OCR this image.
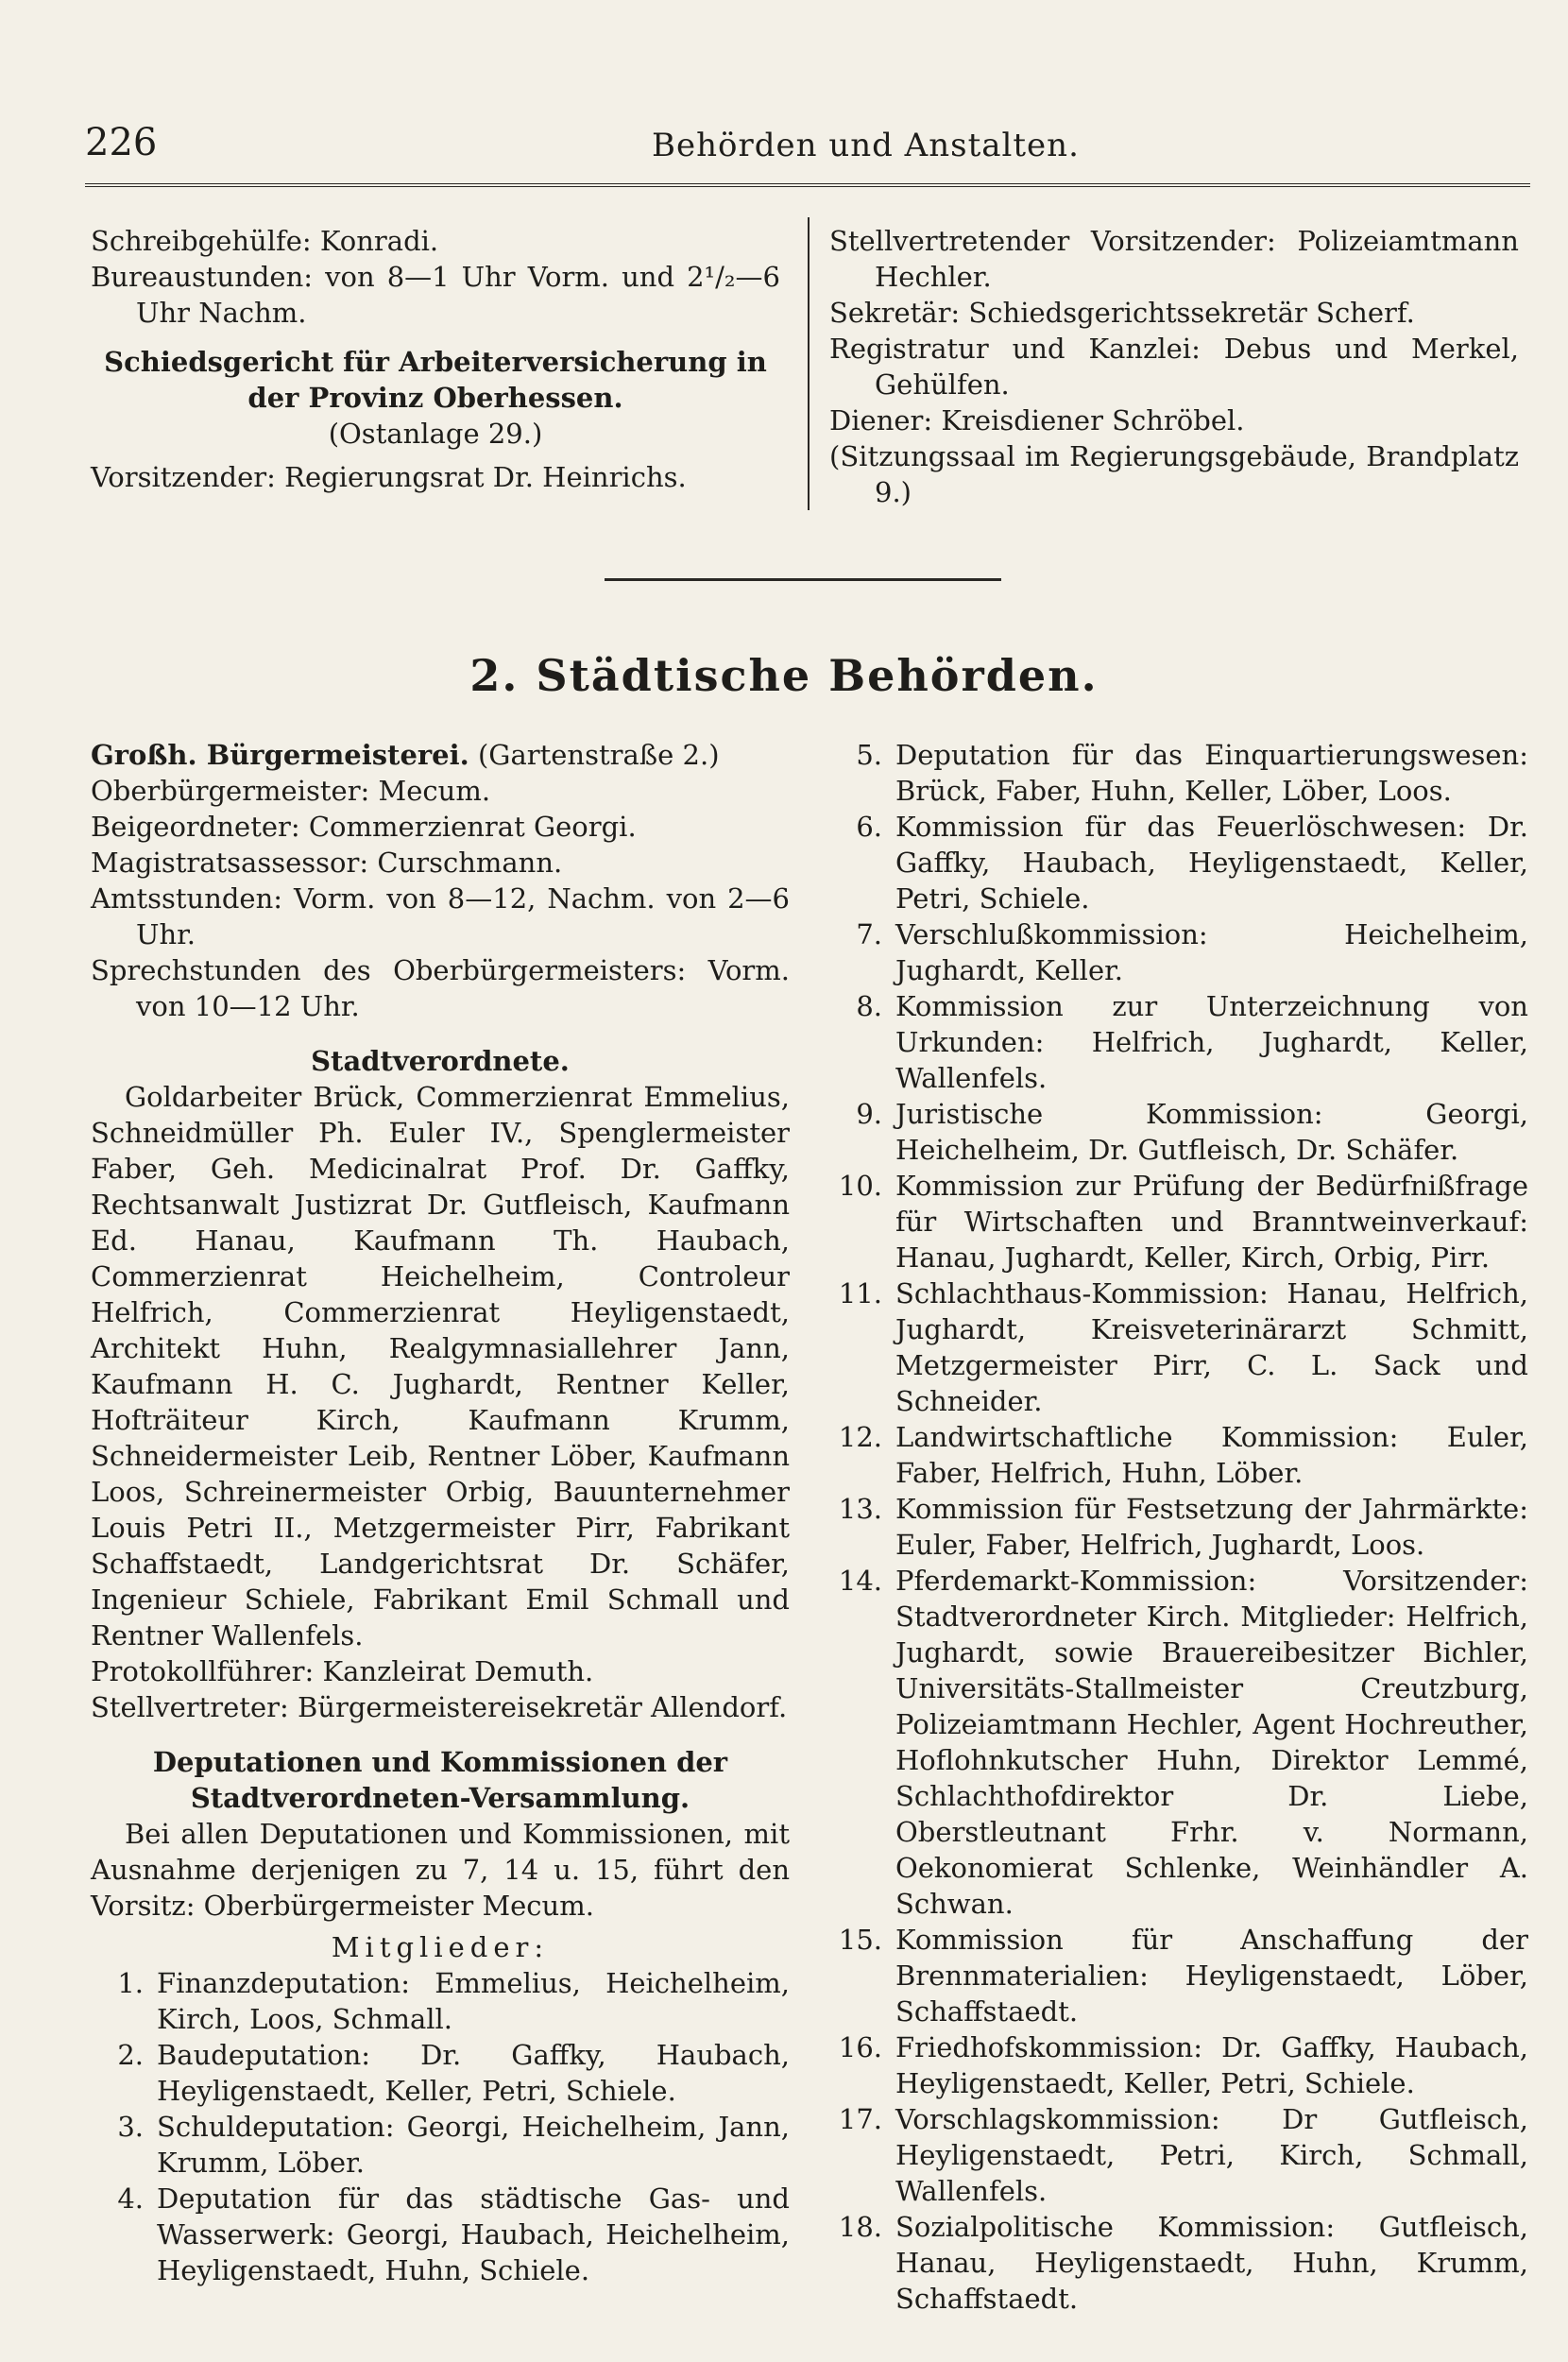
226	Behörden und Anstalten.

Schreibgehülfe: Konradi.

Bureaustunden: von 8—1 Uhr Vorm. und 2¹/₂—6 Uhr Nachm.

Schiedsgericht für Arbeiterversicherung in der Provinz Oberhessen.

(Ostanlage 29.)

Vorsitzender: Regierungsrat Dr. Heinrichs.

Stellvertretender Vorsitzender: Polizeiamtmann Hechler.

Sekretär: Schiedsgerichtssekretär Scherf.

Registratur und Kanzlei: Debus und Merkel, Gehülfen.

Diener: Kreisdiener Schröbel.

(Sitzungssaal im Regierungsgebäude, Brandplatz 9.)

2. Städtische Behörden.

Großh. Bürgermeisterei. (Gartenstraße 2.)

Oberbürgermeister: Mecum.

Beigeordneter: Commerzienrat Georgi.

Magistratsassessor: Curschmann.

Amtsstunden: Vorm. von 8—12, Nachm. von 2—6 Uhr.

Sprechstunden des Oberbürgermeisters: Vorm. von 10—12 Uhr.

Stadtverordnete.

Goldarbeiter Brück, Commerzienrat Emmelius, Schneidmüller Ph. Euler IV., Spenglermeister Faber, Geh. Medicinalrat Prof. Dr. Gaffky, Rechtsanwalt Justizrat Dr. Gutfleisch, Kaufmann Ed. Hanau, Kaufmann Th. Haubach, Commerzienrat Heichelheim, Controleur Helfrich, Commerzienrat Heyligenstaedt, Architekt Huhn, Realgymnasiallehrer Jann, Kaufmann H. C. Jughardt, Rentner Keller, Hofträiteur Kirch, Kaufmann Krumm, Schneidermeister Leib, Rentner Löber, Kaufmann Loos, Schreinermeister Orbig, Bauunternehmer Louis Petri II., Metzgermeister Pirr, Fabrikant Schaffstaedt, Landgerichtsrat Dr. Schäfer, Ingenieur Schiele, Fabrikant Emil Schmall und Rentner Wallenfels.

Protokollführer: Kanzleirat Demuth.

Stellvertreter: Bürgermeistereisekretär Allendorf.

Deputationen und Kommissionen der Stadtverordneten-Versammlung.

Bei allen Deputationen und Kommissionen, mit Ausnahme derjenigen zu 7, 14 u. 15, führt den Vorsitz: Oberbürgermeister Mecum.

Mitglieder:

1. Finanzdeputation: Emmelius, Heichelheim, Kirch, Loos, Schmall.
2. Baudeputation: Dr. Gaffky, Haubach, Heyligenstaedt, Keller, Petri, Schiele.
3. Schuldeputation: Georgi, Heichelheim, Jann, Krumm, Löber.
4. Deputation für das städtische Gas- und Wasserwerk: Georgi, Haubach, Heichelheim, Heyligenstaedt, Huhn, Schiele.
5. Deputation für das Einquartierungswesen: Brück, Faber, Huhn, Keller, Löber, Loos.
6. Kommission für das Feuerlöschwesen: Dr. Gaffky, Haubach, Heyligenstaedt, Keller, Petri, Schiele.
7. Verschlußkommission: Heichelheim, Jughardt, Keller.
8. Kommission zur Unterzeichnung von Urkunden: Helfrich, Jughardt, Keller, Wallenfels.
9. Juristische Kommission: Georgi, Heichelheim, Dr. Gutfleisch, Dr. Schäfer.
10. Kommission zur Prüfung der Bedürfnißfrage für Wirtschaften und Branntweinverkauf: Hanau, Jughardt, Keller, Kirch, Orbig, Pirr.
11. Schlachthaus-Kommission: Hanau, Helfrich, Jughardt, Kreisveterinärarzt Schmitt, Metzgermeister Pirr, C. L. Sack und Schneider.
12. Landwirtschaftliche Kommission: Euler, Faber, Helfrich, Huhn, Löber.
13. Kommission für Festsetzung der Jahrmärkte: Euler, Faber, Helfrich, Jughardt, Loos.
14. Pferdemarkt-Kommission: Vorsitzender: Stadtverordneter Kirch. Mitglieder: Helfrich, Jughardt, sowie Brauereibesitzer Bichler, Universitäts-Stallmeister Creutzburg, Polizeiamtmann Hechler, Agent Hochreuther, Hoflohnkutscher Huhn, Direktor Lemmé, Schlachthofdirektor Dr. Liebe, Oberstleutnant Frhr. v. Normann, Oekonomierat Schlenke, Weinhändler A. Schwan.
15. Kommission für Anschaffung der Brennmaterialien: Heyligenstaedt, Löber, Schaffstaedt.
16. Friedhofskommission: Dr. Gaffky, Haubach, Heyligenstaedt, Keller, Petri, Schiele.
17. Vorschlagskommission: Dr Gutfleisch, Heyligenstaedt, Petri, Kirch, Schmall, Wallenfels.
18. Sozialpolitische Kommission: Gutfleisch, Hanau, Heyligenstaedt, Huhn, Krumm, Schaffstaedt.
